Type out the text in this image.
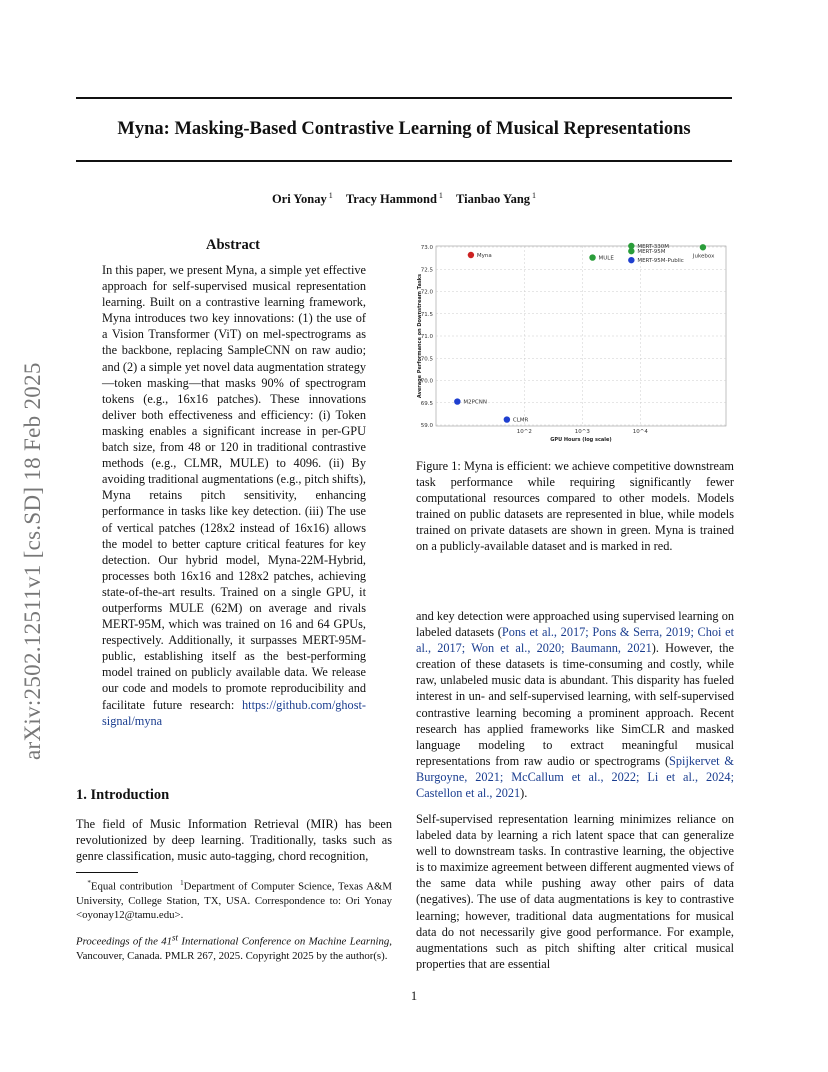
Myna: Masking-Based Contrastive Learning of Musical Representations
Ori Yonay $^1$ Tracy Hammond $^1$ Tianbao Yang $^1$
arXiv:2502.12511v1 [cs.SD] 18 Feb 2025
Abstract
In this paper, we present Myna, a simple yet effective approach for self-supervised musical representation learning. Built on a contrastive learning framework, Myna introduces two key innovations: (1) the use of a Vision Transformer (ViT) on mel-spectrograms as the backbone, replacing SampleCNN on raw audio; and (2) a simple yet novel data augmentation strategy—token masking—that masks 90% of spectrogram tokens (e.g., 16x16 patches). These innovations deliver both effectiveness and efficiency: (i) Token masking enables a significant increase in per-GPU batch size, from 48 or 120 in traditional contrastive methods (e.g., CLMR, MULE) to 4096. (ii) By avoiding traditional augmentations (e.g., pitch shifts), Myna retains pitch sensitivity, enhancing performance in tasks like key detection. (iii) The use of vertical patches (128x2 instead of 16x16) allows the model to better capture critical features for key detection. Our hybrid model, Myna-22M-Hybrid, processes both 16x16 and 128x2 patches, achieving state-of-the-art results. Trained on a single GPU, it outperforms MULE (62M) on average and rivals MERT-95M, which was trained on 16 and 64 GPUs, respectively. Additionally, it surpasses MERT-95M-public, establishing itself as the best-performing model trained on publicly available data. We release our code and models to promote reproducibility and facilitate future research: https://github.com/ghost-signal/myna
1. Introduction
The field of Music Information Retrieval (MIR) has been revolutionized by deep learning. Traditionally, tasks such as genre classification, music auto-tagging, chord recognition,
*Equal contribution $^1$Department of Computer Science, Texas A&M University, College Station, TX, USA. Correspondence to: Ori Yonay <oyonay12@tamu.edu>.
Proceedings of the 41st International Conference on Machine Learning, Vancouver, Canada. PMLR 267, 2025. Copyright 2025 by the author(s).
73.0
72.5
72.0
71.5
71.0
70.5
70.0
69.5
59.0
10^2	10^3	10^4
GPU Hours (log scale)
Average Performance on Downstream Tasks
Myna	MULE
MERT-330M
MERT-95M
MERT-95M-Public
Jukebox
M2PCNN
CLMR
Figure 1: Myna is efficient: we achieve competitive downstream task performance while requiring significantly fewer computational resources compared to other models. Models trained on public datasets are represented in blue, while models trained on private datasets are shown in green. Myna is trained on a publicly-available dataset and is marked in red.
and key detection were approached using supervised learning on labeled datasets (Pons et al., 2017; Pons & Serra, 2019; Choi et al., 2017; Won et al., 2020; Baumann, 2021). However, the creation of these datasets is time-consuming and costly, while raw, unlabeled music data is abundant. This disparity has fueled interest in un- and self-supervised learning, with self-supervised contrastive learning becoming a prominent approach. Recent research has applied frameworks like SimCLR and masked language modeling to extract meaningful musical representations from raw audio or spectrograms (Spijkervet & Burgoyne, 2021; McCallum et al., 2022; Li et al., 2024; Castellon et al., 2021).
Self-supervised representation learning minimizes reliance on labeled data by learning a rich latent space that can generalize well to downstream tasks. In contrastive learning, the objective is to maximize agreement between different augmented views of the same data while pushing away other pairs of data (negatives). The use of data augmentations is key to contrastive learning; however, traditional data augmentations for musical data do not necessarily give good performance. For example, augmentations such as pitch shifting alter critical musical properties that are essential
1
